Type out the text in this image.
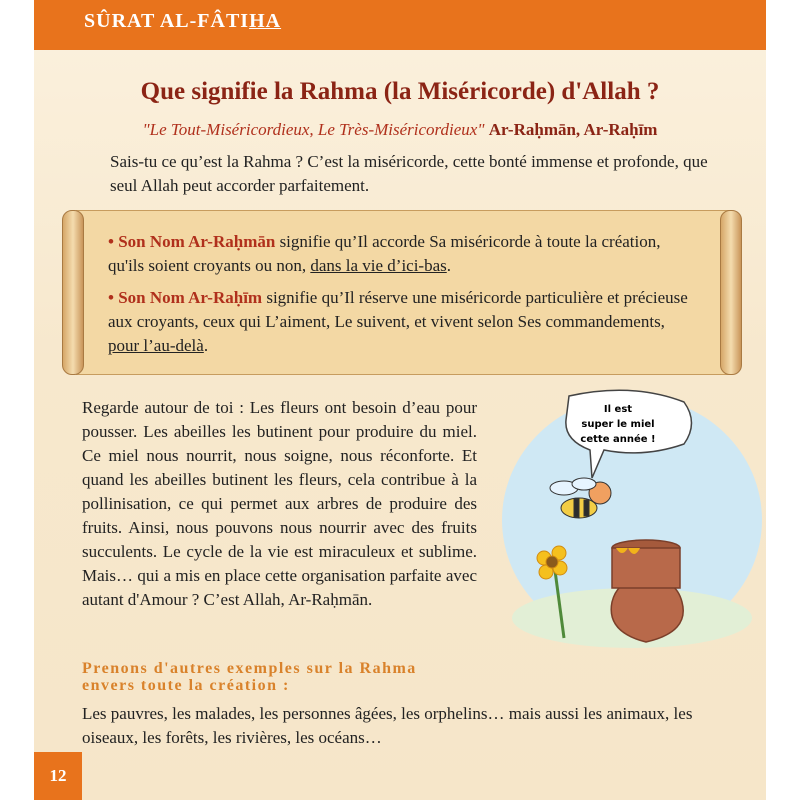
SÛRAT AL-FÂTIHA
Que signifie la Rahma (la Miséricorde) d'Allah ?
"Le Tout-Miséricordieux, Le Très-Miséricordieux" Ar-Raḥmān, Ar-Raḥīm
Sais-tu ce qu’est la Rahma ? C’est la miséricorde, cette bonté immense et profonde, que seul Allah peut accorder parfaitement.
• Son Nom Ar-Raḥmān signifie qu’Il accorde Sa miséricorde à toute la création, qu'ils soient croyants ou non, dans la vie d’ici-bas.
• Son Nom Ar-Raḥīm signifie qu’Il réserve une miséricorde particulière et précieuse aux croyants, ceux qui L’aiment, Le suivent, et vivent selon Ses commandements, pour l’au-delà.
Regarde autour de toi : Les fleurs ont besoin d’eau pour pousser. Les abeilles les butinent pour produire du miel. Ce miel nous nourrit, nous soigne, nous réconforte. Et quand les abeilles butinent les fleurs, cela contribue à la pollinisation, ce qui permet aux arbres de produire des fruits. Ainsi, nous pouvons nous nourrir avec des fruits succulents. Le cycle de la vie est miraculeux et sublime. Mais… qui a mis en place cette organisation parfaite avec autant d'Amour ? C’est Allah, Ar-Raḥmān.
Il est
super le miel
cette année !
Prenons d'autres exemples sur la Rahma
envers toute la création :
Les pauvres, les malades, les personnes âgées, les orphelins… mais aussi les animaux, les oiseaux, les forêts, les rivières, les océans…
12
